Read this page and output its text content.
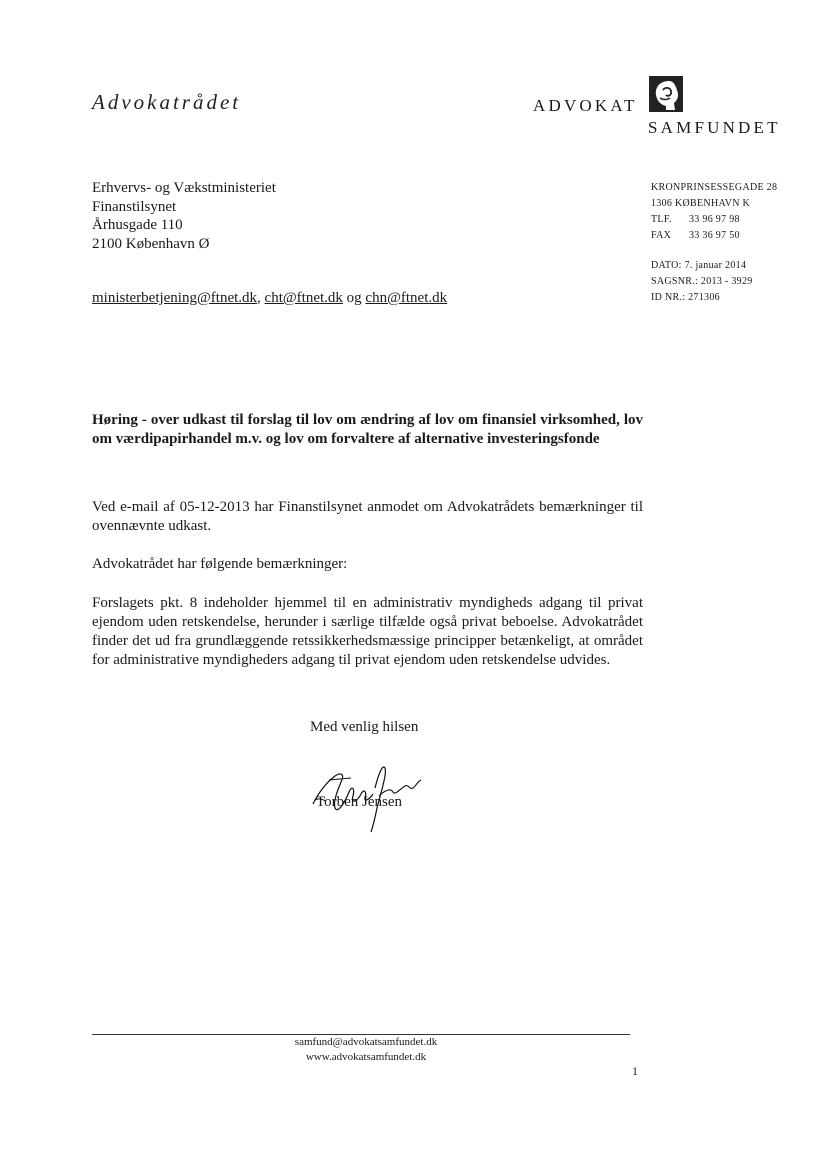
Advokatrådet	ADVOKAT
SAMFUNDET
Erhvervs- og Vækstministeriet
Finanstilsynet
Århusgade 110
2100 København Ø
ministerbetjening@ftnet.dk, cht@ftnet.dk og chn@ftnet.dk
KRONPRINSESSEGADE 28
1306 KØBENHAVN K
TLF. 33 96 97 98
FAX 33 36 97 50
DATO: 7. januar 2014
SAGSNR.: 2013 - 3929
ID NR.: 271306
Høring - over udkast til forslag til lov om ændring af lov om finansiel virksomhed, lov om værdipapirhandel m.v. og lov om forvaltere af alternative investeringsfonde
Ved e-mail af 05-12-2013 har Finanstilsynet anmodet om Advokatrådets bemærkninger til ovennævnte udkast.
Advokatrådet har følgende bemærkninger:
Forslagets pkt. 8 indeholder hjemmel til en administrativ myndigheds adgang til privat ejendom uden retskendelse, herunder i særlige tilfælde også privat beboelse. Advokatrådet finder det ud fra grundlæggende retssikkerhedsmæssige principper betænkeligt, at området for administrative myndigheders adgang til privat ejendom uden retskendelse udvides.
Med venlig hilsen
Torben Jensen
samfund@advokatsamfundet.dk
www.advokatsamfundet.dk
1
